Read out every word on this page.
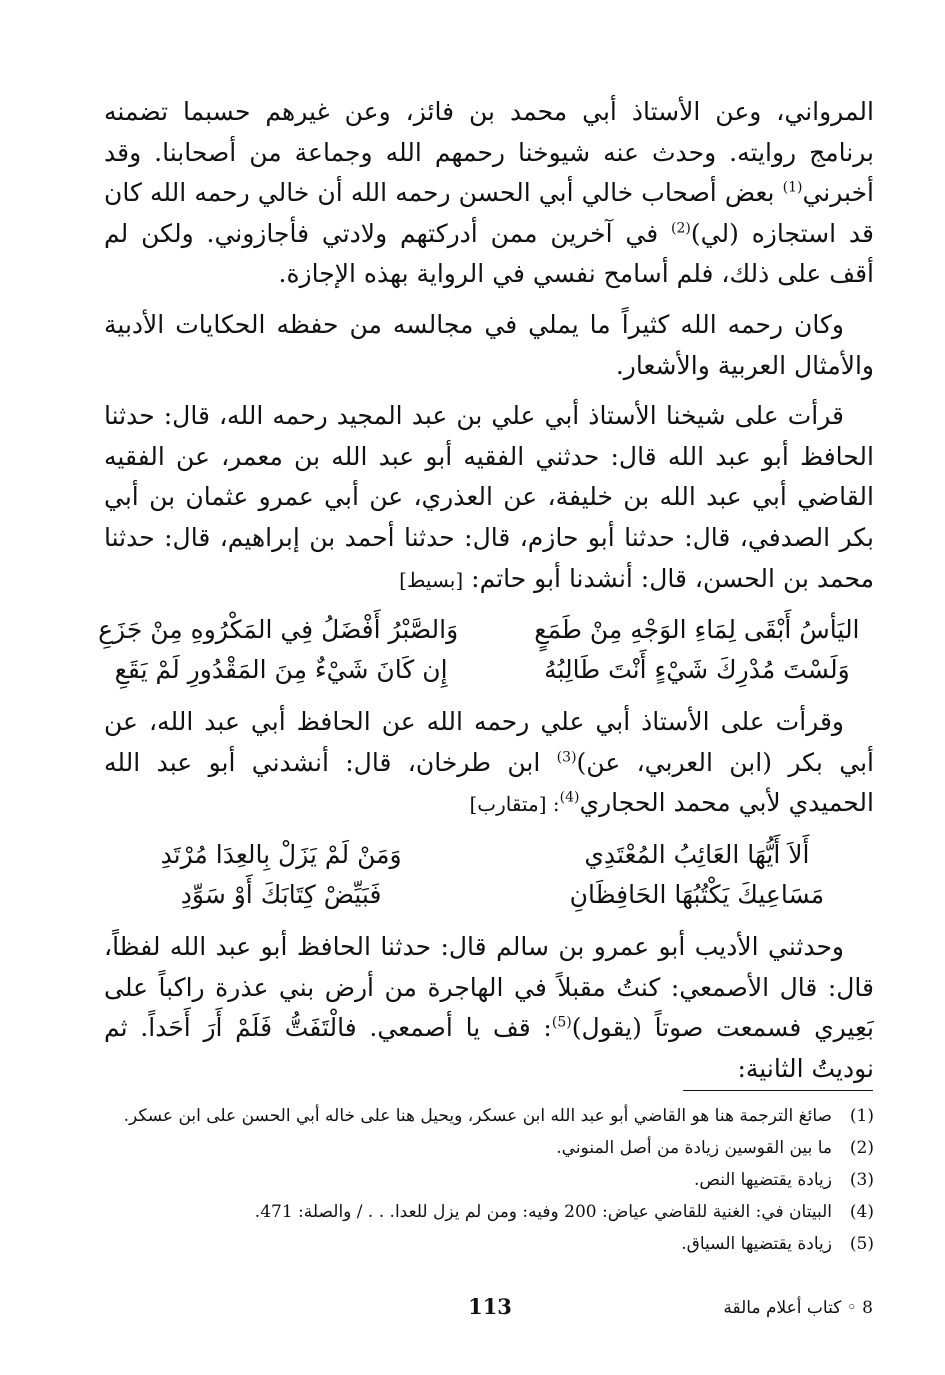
المرواني، وعن الأستاذ أبي محمد بن فائز، وعن غيرهم حسبما تضمنه برنامج روايته. وحدث عنه شيوخنا رحمهم الله وجماعة من أصحابنا. وقد أخبرني$^{(1)}$ بعض أصحاب خالي أبي الحسن رحمه الله أن خالي رحمه الله كان قد استجازه (لي)$^{(2)}$ في آخرين ممن أدركتهم ولادتي فأجازوني. ولكن لم أقف على ذلك، فلم أسامح نفسي في الرواية بهذه الإجازة.

وكان رحمه الله كثيراً ما يملي في مجالسه من حفظه الحكايات الأدبية والأمثال العربية والأشعار.

قرأت على شيخنا الأستاذ أبي علي بن عبد المجيد رحمه الله، قال: حدثنا الحافظ أبو عبد الله قال: حدثني الفقيه أبو عبد الله بن معمر، عن الفقيه القاضي أبي عبد الله بن خليفة، عن العذري، عن أبي عمرو عثمان بن أبي بكر الصدفي، قال: حدثنا أبو حازم، قال: حدثنا أحمد بن إبراهيم، قال: حدثنا محمد بن الحسن، قال: أنشدنا أبو حاتم: [بسيط]

اليَأسُ أَبْقَى لِمَاءِ الوَجْهِ مِنْ طَمَعٍ
وَالصَّبْرُ أَفْضَلُ فِي المَكْرُوهِ مِنْ جَزَعِ
وَلَسْتَ مُدْرِكَ شَيْءٍ أَنْتَ طَالِبُهُ
إِن كَانَ شَيْءٌ مِنَ المَقْدُورِ لَمْ يَقَعِ

وقرأت على الأستاذ أبي علي رحمه الله عن الحافظ أبي عبد الله، عن أبي بكر (ابن العربي، عن)$^{(3)}$ ابن طرخان، قال: أنشدني أبو عبد الله الحميدي لأبي محمد الحجاري$^{(4)}$: [متقارب]

أَلاَ أَيُّهَا العَائِبُ المُعْتَدِي
وَمَنْ لَمْ يَزَلْ بِالعِدَا مُرْتَدِ
مَسَاعِيكَ يَكْتُبُهَا الحَافِظَانِ
فَبَيِّضْ كِتَابَكَ أَوْ سَوِّدِ

وحدثني الأديب أبو عمرو بن سالم قال: حدثنا الحافظ أبو عبد الله لفظاً، قال: قال الأصمعي: كنتُ مقبلاً في الهاجرة من أرض بني عذرة راكباً على بَعِيري فسمعت صوتاً (يقول)$^{(5)}$: قف يا أصمعي. فالْتَفَتُّ فَلَمْ أَرَ أَحَداً. ثم نوديتُ الثانية:

(1)
صائغ الترجمة هنا هو القاضي أبو عبد الله ابن عسكر، ويحيل هنا على خاله أبي الحسن على ابن عسكر.
(2)
ما بين القوسين زيادة من أصل المنوني.
(3)
زيادة يقتضيها النص.
(4)
البيتان في: الغنية للقاضي عياض: 200 وفيه: ومن لم يزل للعدا. . . / والصلة: 471.
(5)
زيادة يقتضيها السياق.
113	8 ◦ كتاب أعلام مالقة
